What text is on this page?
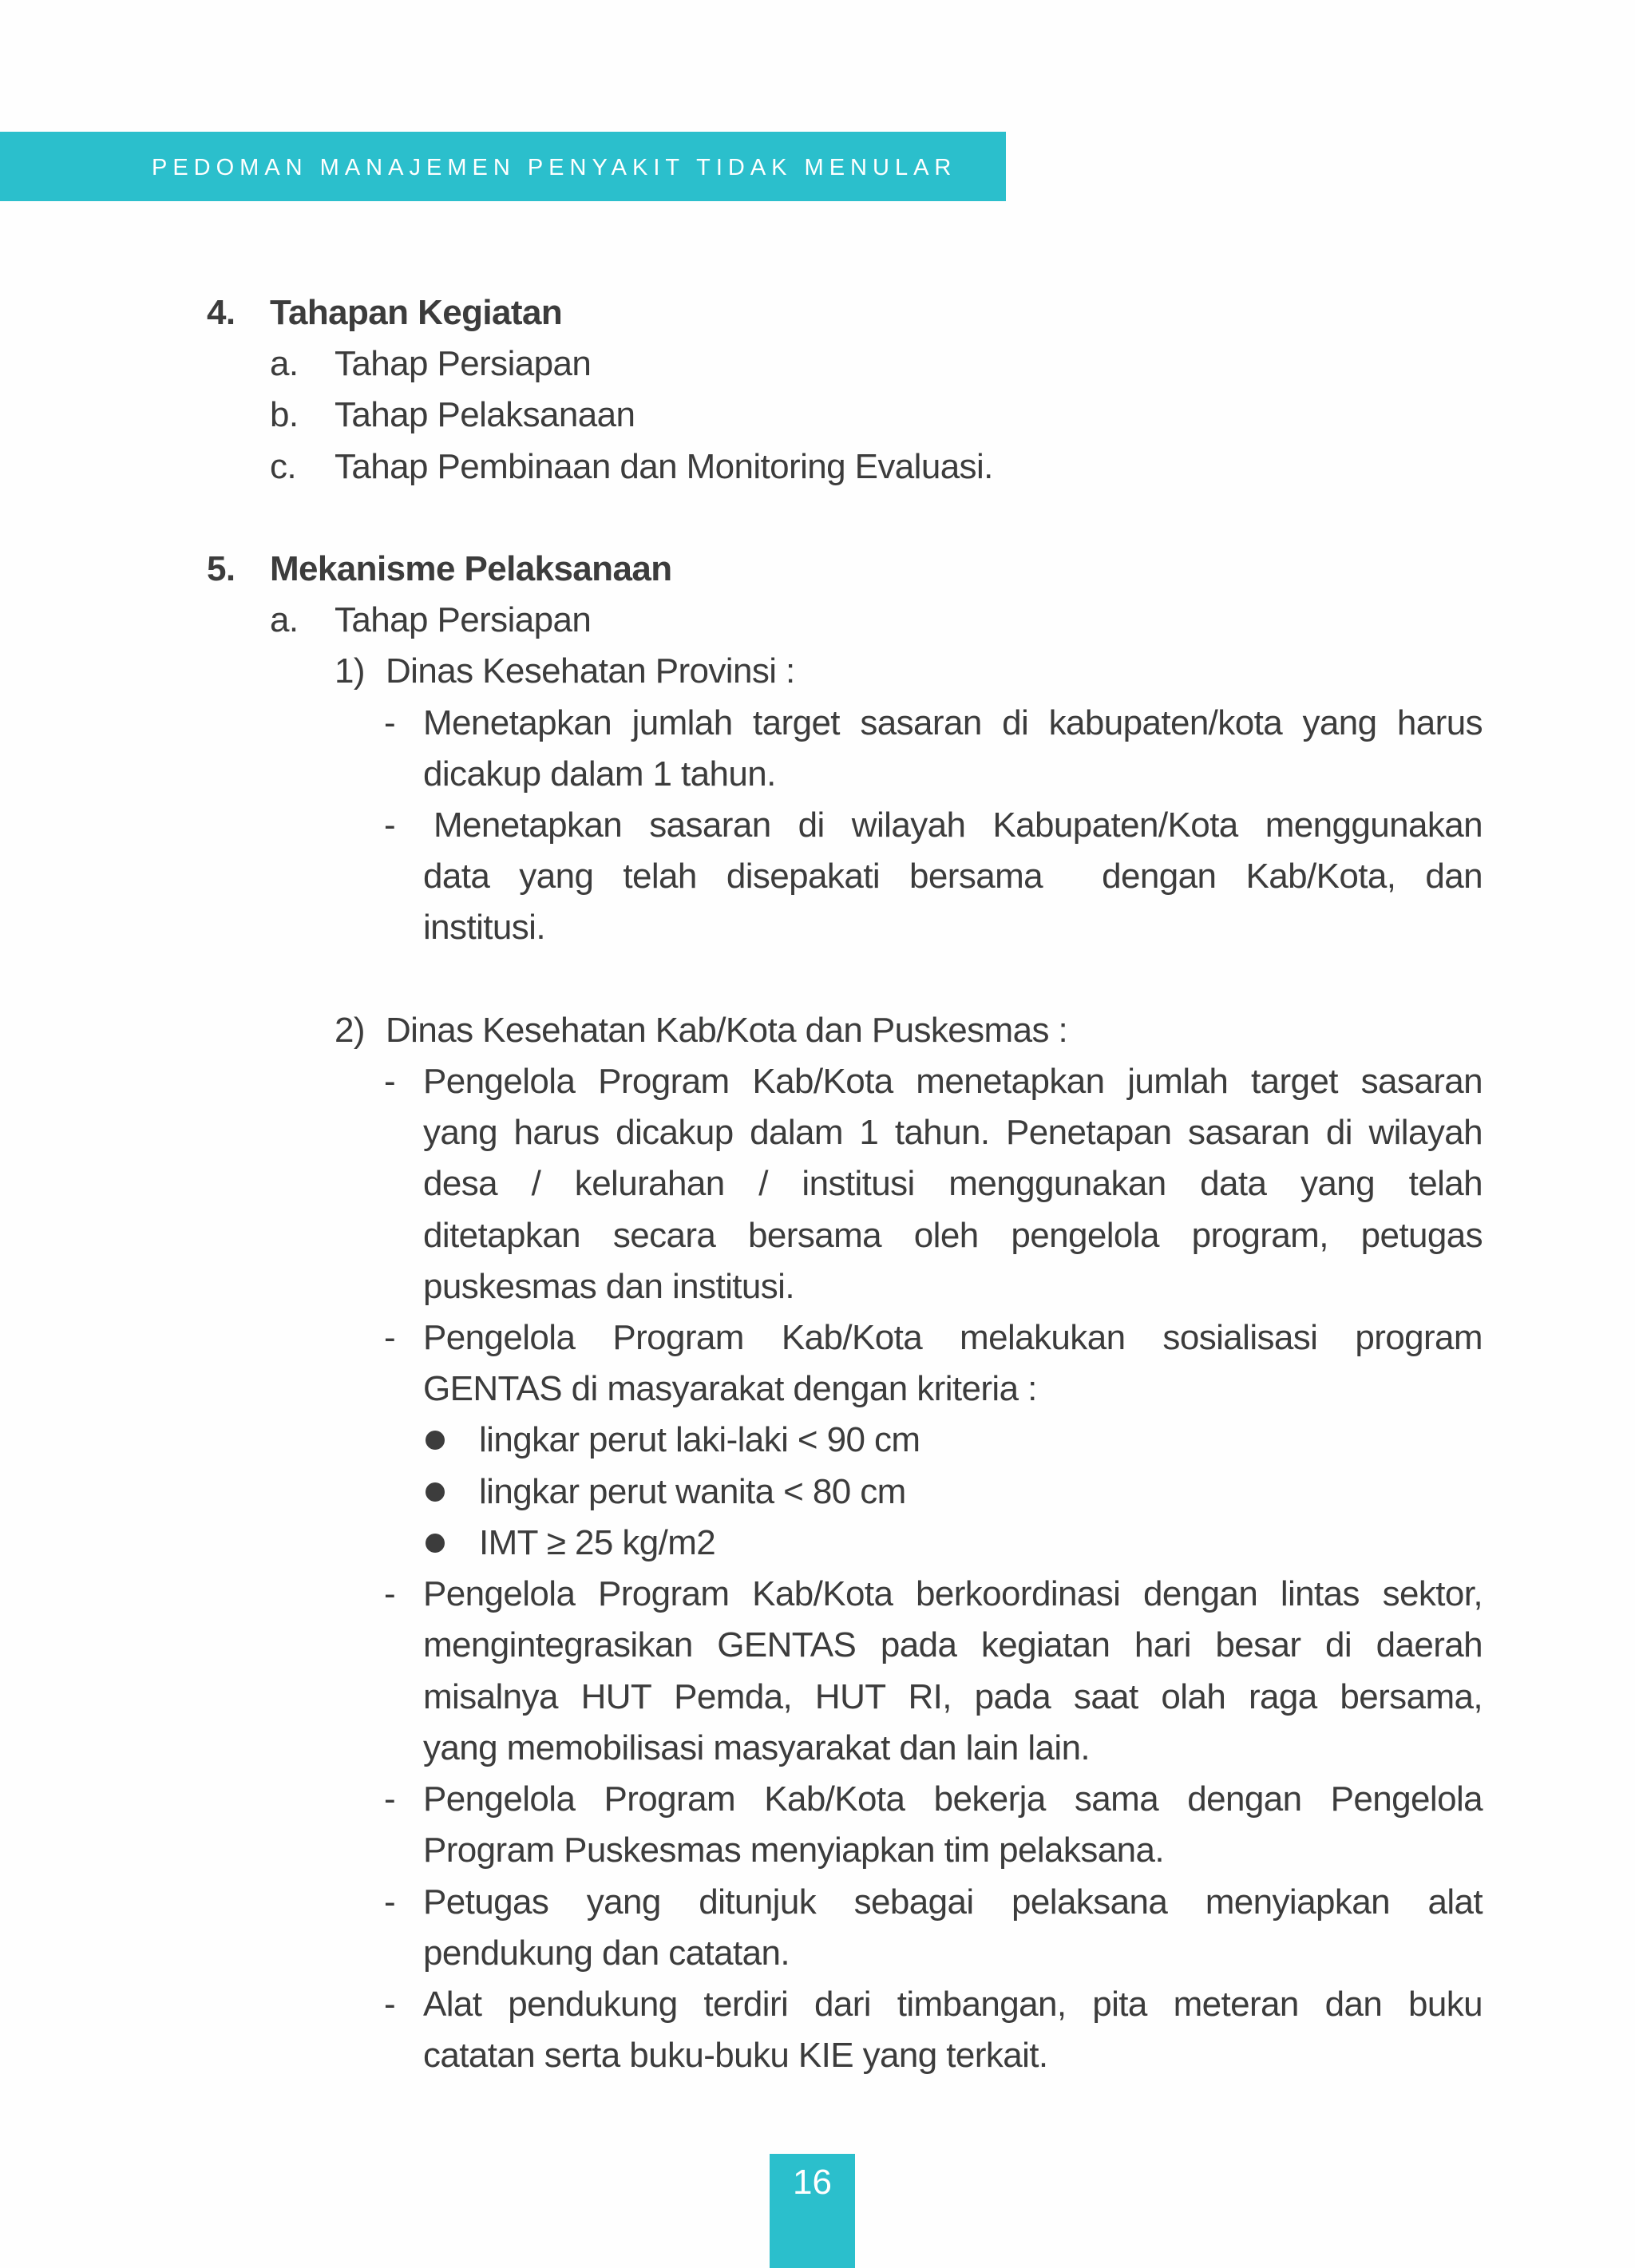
PEDOMAN MANAJEMEN PENYAKIT TIDAK MENULAR
4. Tahapan Kegiatan
a. Tahap Persiapan
b. Tahap Pelaksanaan
c. Tahap Pembinaan dan Monitoring Evaluasi.
5. Mekanisme Pelaksanaan
a. Tahap Persiapan
1) Dinas Kesehatan Provinsi :
- Menetapkan jumlah target sasaran di kabupaten/kota yang harus
dicakup dalam 1 tahun.
- Menetapkan sasaran di wilayah Kabupaten/Kota menggunakan
data yang telah disepakati bersama  dengan Kab/Kota, dan
institusi.
2) Dinas Kesehatan Kab/Kota dan Puskesmas :
- Pengelola Program Kab/Kota menetapkan jumlah target sasaran
yang harus dicakup dalam 1 tahun. Penetapan sasaran di wilayah
desa / kelurahan / institusi menggunakan data yang telah
ditetapkan secara bersama oleh pengelola program, petugas
puskesmas dan institusi.
- Pengelola Program Kab/Kota melakukan sosialisasi program
GENTAS di masyarakat dengan kriteria :
lingkar perut laki-laki < 90 cm
lingkar perut wanita < 80 cm
IMT ≥ 25 kg/m2
- Pengelola Program Kab/Kota berkoordinasi dengan lintas sektor,
mengintegrasikan GENTAS pada kegiatan hari besar di daerah
misalnya HUT Pemda, HUT RI, pada saat olah raga bersama,
yang memobilisasi masyarakat dan lain lain.
- Pengelola Program Kab/Kota bekerja sama dengan Pengelola
Program Puskesmas menyiapkan tim pelaksana.
- Petugas yang ditunjuk sebagai pelaksana menyiapkan alat
pendukung dan catatan.
- Alat pendukung terdiri dari timbangan, pita meteran dan buku
catatan serta buku-buku KIE yang terkait.
16
